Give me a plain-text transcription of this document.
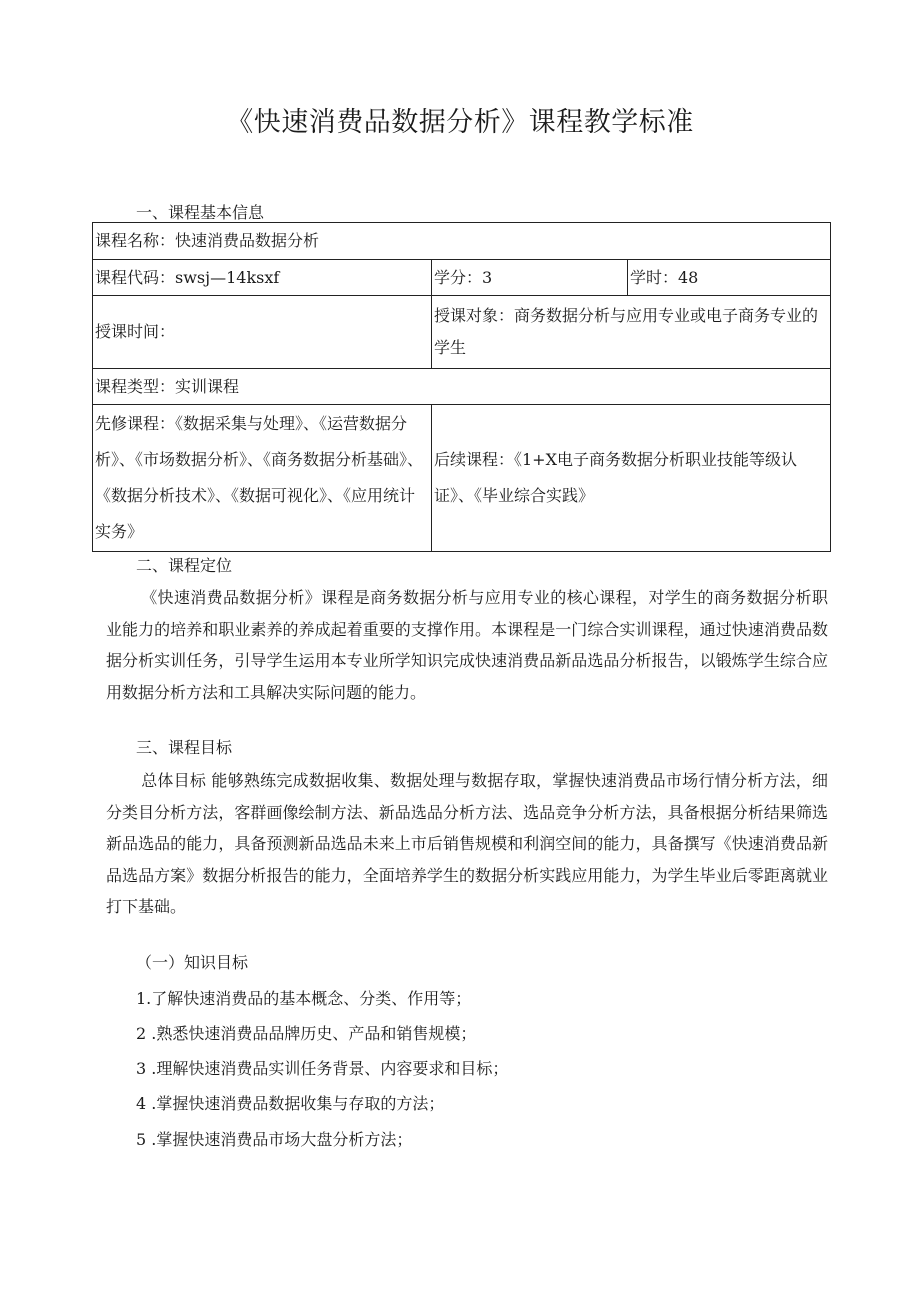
《快速消费品数据分析》课程教学标准
一、课程基本信息
课程名称：快速消费品数据分析		
课程代码：swsj—14ksxf	学分：3	学时：48
授课时间：	授课对象：商务数据分析与应用专业或电子商务专业的学生	
课程类型：实训课程		
先修课程：《数据采集与处理》、《运营数据分析》、《市场数据分析》、《商务数据分析基础》、《数据分析技术》、《数据可视化》、《应用统计实务》	后续课程：《1+X电子商务数据分析职业技能等级认证》、《毕业综合实践》	
二、课程定位

《快速消费品数据分析》课程是商务数据分析与应用专业的核心课程，对学生的商务数据分析职业能力的培养和职业素养的养成起着重要的支撑作用。本课程是一门综合实训课程，通过快速消费品数据分析实训任务，引导学生运用本专业所学知识完成快速消费品新品选品分析报告，以锻炼学生综合应用数据分析方法和工具解决实际问题的能力。

三、课程目标

总体目标 能够熟练完成数据收集、数据处理与数据存取，掌握快速消费品市场行情分析方法，细分类目分析方法，客群画像绘制方法、新品选品分析方法、选品竞争分析方法，具备根据分析结果筛选新品选品的能力，具备预测新品选品未来上市后销售规模和利润空间的能力，具备撰写《快速消费品新品选品方案》数据分析报告的能力，全面培养学生的数据分析实践应用能力，为学生毕业后零距离就业打下基础。

（一）知识目标
1.了解快速消费品的基本概念、分类、作用等；
2 .熟悉快速消费品品牌历史、产品和销售规模；
3 .理解快速消费品实训任务背景、内容要求和目标；
4 .掌握快速消费品数据收集与存取的方法；
5 .掌握快速消费品市场大盘分析方法；
